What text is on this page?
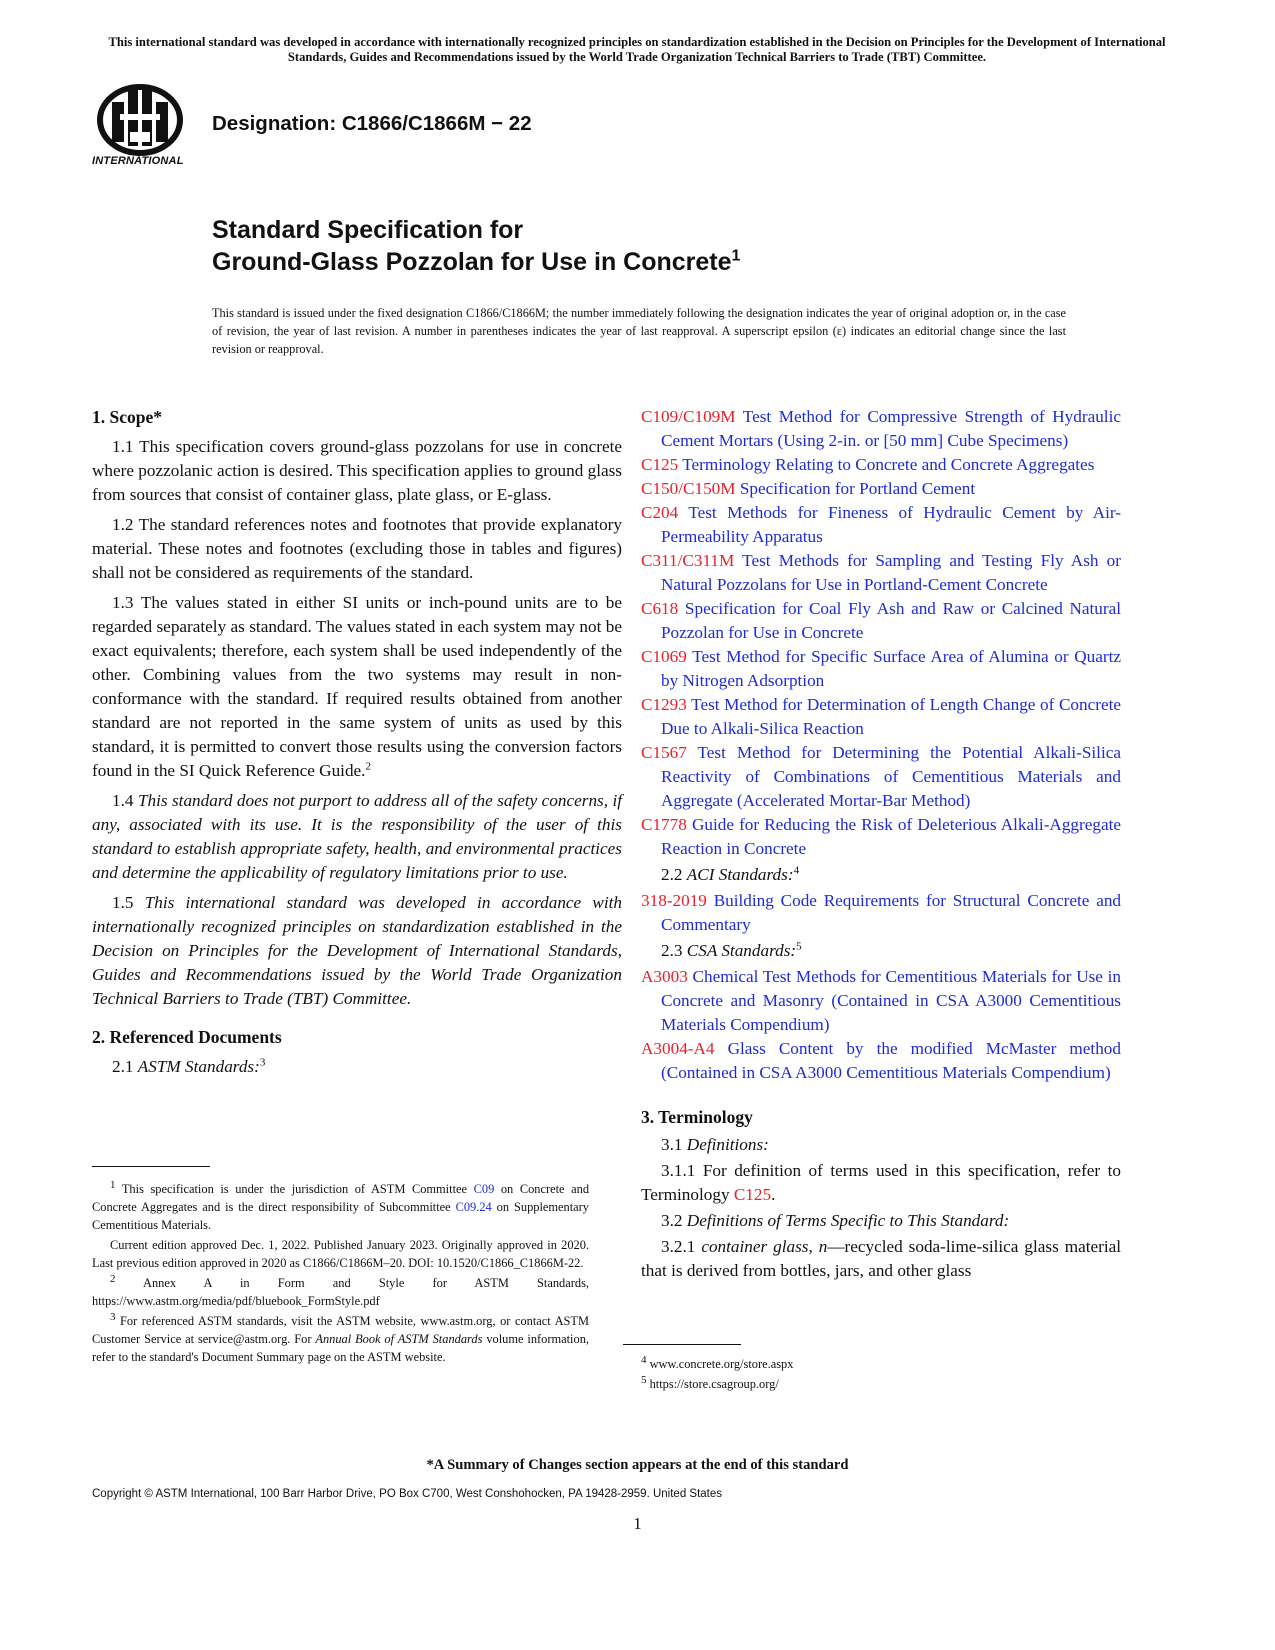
This international standard was developed in accordance with internationally recognized principles on standardization established in the Decision on Principles for the Development of International Standards, Guides and Recommendations issued by the World Trade Organization Technical Barriers to Trade (TBT) Committee.
INTERNATIONAL
Designation: C1866/C1866M − 22
Standard Specification for
Ground-Glass Pozzolan for Use in Concrete$^1$
This standard is issued under the fixed designation C1866/C1866M; the number immediately following the designation indicates the year of original adoption or, in the case of revision, the year of last revision. A number in parentheses indicates the year of last reapproval. A superscript epsilon (ε) indicates an editorial change since the last revision or reapproval.
1. Scope*

1.1 This specification covers ground-glass pozzolans for use in concrete where pozzolanic action is desired. This specification applies to ground glass from sources that consist of container glass, plate glass, or E-glass.

1.2 The standard references notes and footnotes that provide explanatory material. These notes and footnotes (excluding those in tables and figures) shall not be considered as requirements of the standard.

1.3 The values stated in either SI units or inch-pound units are to be regarded separately as standard. The values stated in each system may not be exact equivalents; therefore, each system shall be used independently of the other. Combining values from the two systems may result in non-conformance with the standard. If required results obtained from another standard are not reported in the same system of units as used by this standard, it is permitted to convert those results using the conversion factors found in the SI Quick Reference Guide.$^2$

1.4 This standard does not purport to address all of the safety concerns, if any, associated with its use. It is the responsibility of the user of this standard to establish appropriate safety, health, and environmental practices and determine the applicability of regulatory limitations prior to use.

1.5 This international standard was developed in accordance with internationally recognized principles on standardization established in the Decision on Principles for the Development of International Standards, Guides and Recommendations issued by the World Trade Organization Technical Barriers to Trade (TBT) Committee.

2. Referenced Documents
2.1 ASTM Standards:$^3$

$^1$ This specification is under the jurisdiction of ASTM Committee C09 on Concrete and Concrete Aggregates and is the direct responsibility of Subcommittee C09.24 on Supplementary Cementitious Materials.

Current edition approved Dec. 1, 2022. Published January 2023. Originally approved in 2020. Last previous edition approved in 2020 as C1866/C1866M–20. DOI: 10.1520/C1866_C1866M-22.

$^2$ Annex A in Form and Style for ASTM Standards, https://www.astm.org/media/pdf/bluebook_FormStyle.pdf

$^3$ For referenced ASTM standards, visit the ASTM website, www.astm.org, or contact ASTM Customer Service at service@astm.org. For Annual Book of ASTM Standards volume information, refer to the standard's Document Summary page on the ASTM website.

C109/C109M Test Method for Compressive Strength of Hydraulic Cement Mortars (Using 2-in. or [50 mm] Cube Specimens)
C125 Terminology Relating to Concrete and Concrete Aggregates
C150/C150M Specification for Portland Cement
C204 Test Methods for Fineness of Hydraulic Cement by Air-Permeability Apparatus
C311/C311M Test Methods for Sampling and Testing Fly Ash or Natural Pozzolans for Use in Portland-Cement Concrete
C618 Specification for Coal Fly Ash and Raw or Calcined Natural Pozzolan for Use in Concrete
C1069 Test Method for Specific Surface Area of Alumina or Quartz by Nitrogen Adsorption
C1293 Test Method for Determination of Length Change of Concrete Due to Alkali-Silica Reaction
C1567 Test Method for Determining the Potential Alkali-Silica Reactivity of Combinations of Cementitious Materials and Aggregate (Accelerated Mortar-Bar Method)
C1778 Guide for Reducing the Risk of Deleterious Alkali-Aggregate Reaction in Concrete
2.2 ACI Standards:$^4$
318-2019 Building Code Requirements for Structural Concrete and Commentary
2.3 CSA Standards:$^5$
A3003 Chemical Test Methods for Cementitious Materials for Use in Concrete and Masonry (Contained in CSA A3000 Cementitious Materials Compendium)
A3004-A4 Glass Content by the modified McMaster method (Contained in CSA A3000 Cementitious Materials Compendium)
3. Terminology
3.1 Definitions:

3.1.1 For definition of terms used in this specification, refer to Terminology C125.

3.2 Definitions of Terms Specific to This Standard:

3.2.1 container glass, n—recycled soda-lime-silica glass material that is derived from bottles, jars, and other glass

$^4$ www.concrete.org/store.aspx

$^5$ https://store.csagroup.org/

*A Summary of Changes section appears at the end of this standard
Copyright © ASTM International, 100 Barr Harbor Drive, PO Box C700, West Conshohocken, PA 19428-2959. United States
1
